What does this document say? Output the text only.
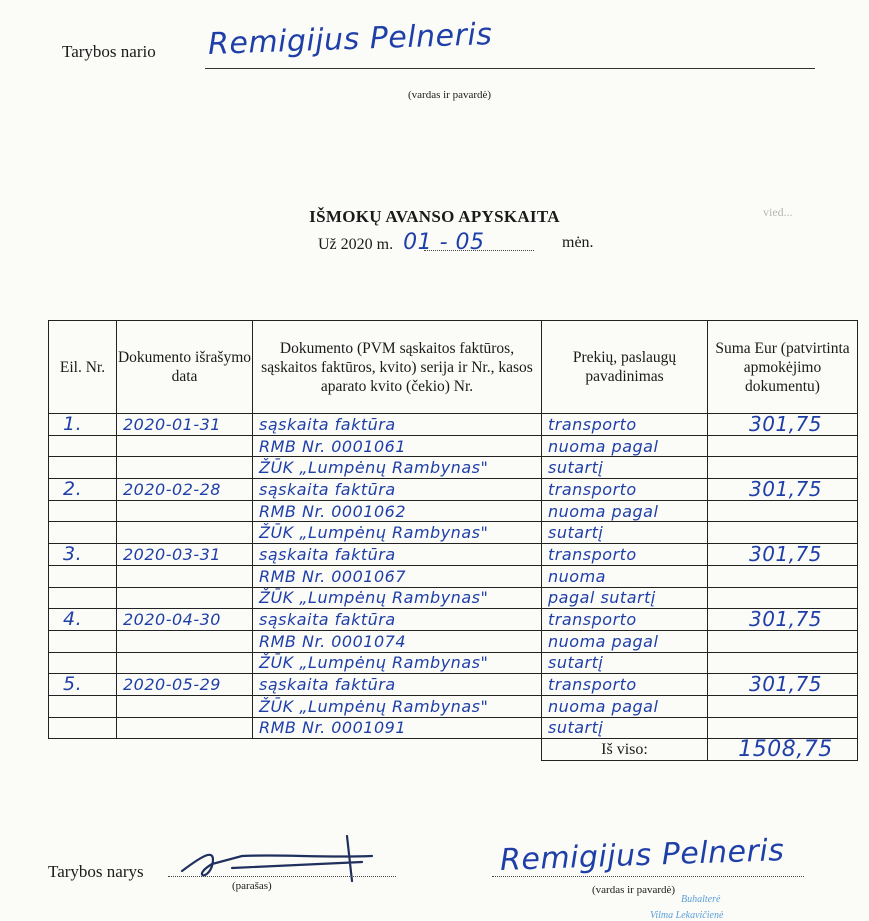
Tarybos nario Remigijus Pelneris
(vardas ir pavardė)
IŠMOKŲ AVANSO APYSKAITA
Už 2020 m. 01 - 05	mėn.
vied...
Eil. Nr.	Dokumento išrašymo data	Dokumento (PVM sąskaitos faktūros, sąskaitos faktūros, kvito) serija ir Nr., kasos aparato kvito (čekio) Nr.	Prekių, paslaugų pavadinimas	Suma Eur (patvirtinta apmokėjimo dokumentu)
1.	2020-01-31	sąskaita faktūra	transporto	301,75
		RMB Nr. 0001061	nuoma pagal	
		ŽŪK „Lumpėnų Rambynas"	sutartį	
2.	2020-02-28	sąskaita faktūra	transporto	301,75
		RMB Nr. 0001062	nuoma pagal	
		ŽŪK „Lumpėnų Rambynas"	sutartį	
3.	2020-03-31	sąskaita faktūra	transporto	301,75
		RMB Nr. 0001067	nuoma	
		ŽŪK „Lumpėnų Rambynas"	pagal sutartį	
4.	2020-04-30	sąskaita faktūra	transporto	301,75
		RMB Nr. 0001074	nuoma pagal	
		ŽŪK „Lumpėnų Rambynas"	sutartį	
5.	2020-05-29	sąskaita faktūra	transporto	301,75
		ŽŪK „Lumpėnų Rambynas"	nuoma pagal	
		RMB Nr. 0001091	sutartį	
			Iš viso:	1508,75
Tarybos narys
(parašas)
Remigijus Pelneris
(vardas ir pavardė)
Buhalterė
Vilma Lekavičienė
